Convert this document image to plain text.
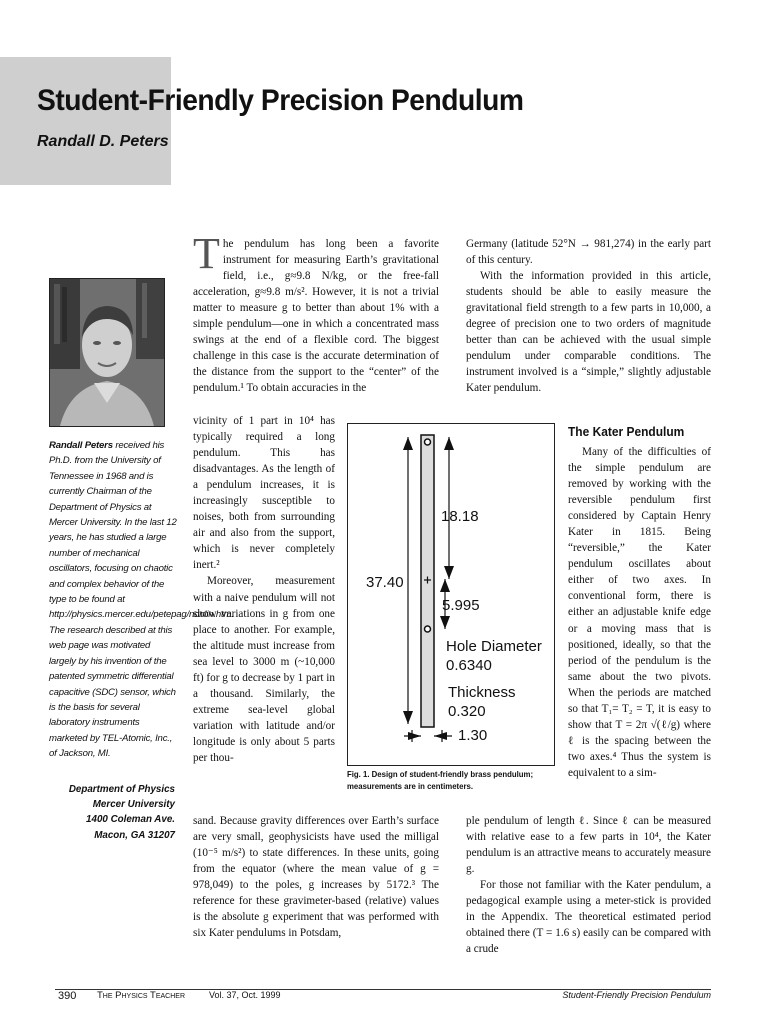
Student-Friendly Precision Pendulum
Randall D. Peters
Randall Peters received his Ph.D. from the University of Tennessee in 1968 and is currently Chairman of the Department of Physics at Mercer University. In the last 12 years, he has studied a large number of mechanical oscillators, focusing on chaotic and complex behavior of the type to be found at http://physics.mercer.edu/petepag/nonlin.htm. The research described at this web page was motivated largely by his invention of the patented symmetric differential capacitive (SDC) sensor, which is the basis for several laboratory instruments marketed by TEL-Atomic, Inc., of Jackson, MI.
Department of Physics
Mercer University
1400 Coleman Ave.
Macon, GA 31207
The pendulum has long been a favorite instrument for measuring Earth’s gravitational field, i.e., g≈9.8 N/kg, or the free-fall acceleration, g≈9.8 m/s². However, it is not a trivial matter to measure g to better than about 1% with a simple pendulum—one in which a concentrated mass swings at the end of a flexible cord. The biggest challenge in this case is the accurate determination of the distance from the support to the “center” of the pendulum.¹ To obtain accuracies in the

vicinity of 1 part in 10⁴ has typically required a long pendulum. This has disadvantages. As the length of a pendulum increases, it is increasingly susceptible to noises, both from surrounding air and also from the support, which is never completely inert.²

Moreover, measurement with a naive pendulum will not show variations in g from one place to another. For example, the altitude must increase from sea level to 3000 m (~10,000 ft) for g to decrease by 1 part in a thousand. Similarly, the extreme sea-level global variation with latitude and/or longitude is only about 5 parts per thou-

sand. Because gravity differences over Earth’s surface are very small, geophysicists have used the milligal (10⁻⁵ m/s²) to state differences. In these units, going from the equator (where the mean value of g = 978,049) to the poles, g increases by 5172.³ The reference for these gravimeter-based (relative) values is the absolute g experiment that was performed with six Kater pendulums in Potsdam,

Germany (latitude 52°N → 981,274) in the early part of this century.

With the information provided in this article, students should be able to easily measure the gravitational field strength to a few parts in 10,000, a degree of precision one to two orders of magnitude better than can be achieved with the usual simple pendulum under comparable conditions. The instrument involved is a “simple,” slightly adjustable Kater pendulum.

The Kater Pendulum

Many of the difficulties of the simple pendulum are removed by working with the reversible pendulum first considered by Captain Henry Kater in 1815. Being “reversible,” the Kater pendulum oscillates about either of two axes. In conventional form, there is either an adjustable knife edge or a moving mass that is positioned, ideally, so that the period of the pendulum is the same about the two pivots. When the periods are matched so that T₁= T₂ = T, it is easy to show that T = 2π √(ℓ/g) where ℓ is the spacing between the two axes.⁴ Thus the system is equivalent to a sim-

ple pendulum of length ℓ. Since ℓ can be measured with relative ease to a few parts in 10⁴, the Kater pendulum is an attractive means to accurately measure g.

For those not familiar with the Kater pendulum, a pedagogical example using a meter-stick is provided in the Appendix. The theoretical estimated period obtained there (T = 1.6 s) easily can be compared with a crude

37.40
18.18
5.995
Hole Diameter
0.6340
Thickness
0.320
1.30
Fig. 1. Design of student-friendly brass pendulum; measurements are in centimeters.
390 The Physics Teacher	Vol. 37, Oct. 1999	Student-Friendly Precision Pendulum
